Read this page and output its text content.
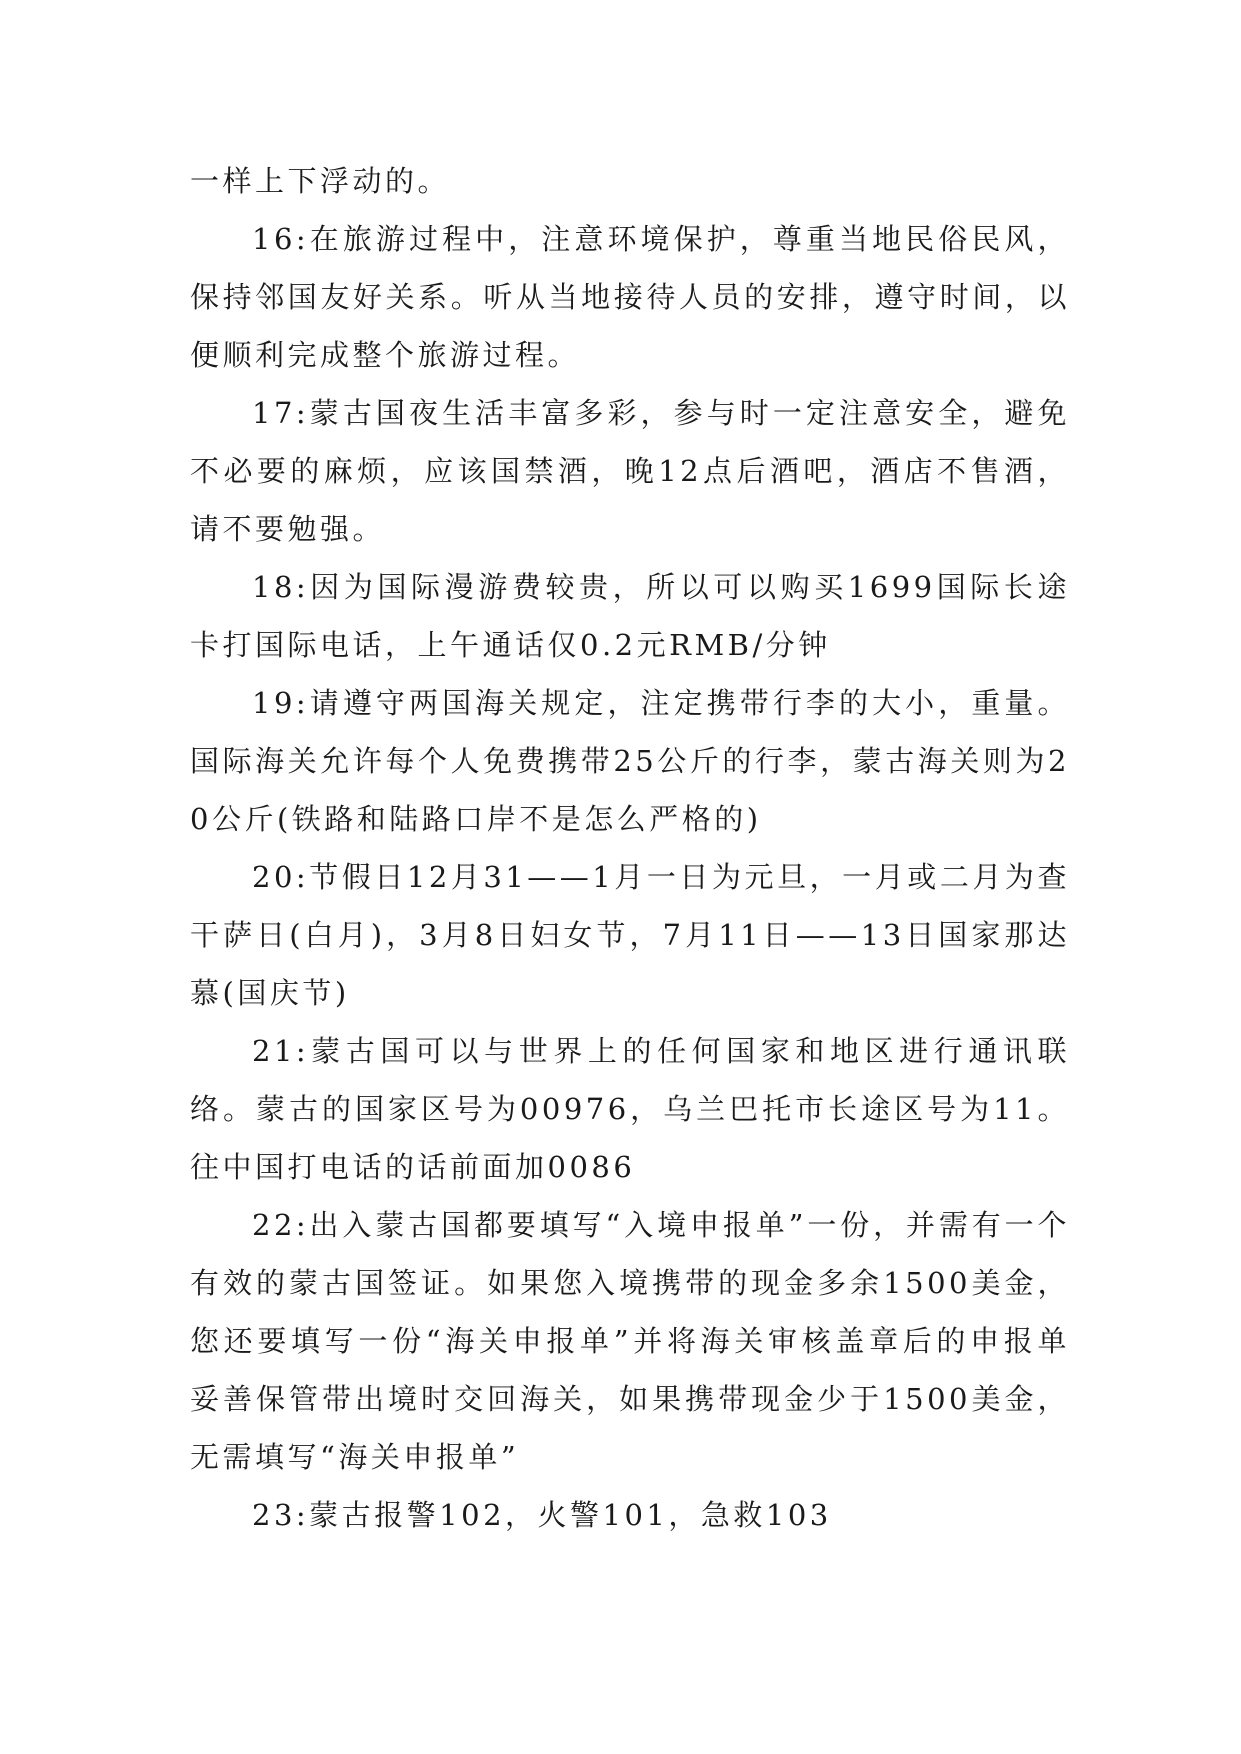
一样上下浮动的。

16:在旅游过程中，注意环境保护，尊重当地民俗民风，保持邻国友好关系。听从当地接待人员的安排，遵守时间，以便顺利完成整个旅游过程。

17:蒙古国夜生活丰富多彩，参与时一定注意安全，避免不必要的麻烦，应该国禁酒，晚12点后酒吧，酒店不售酒，请不要勉强。

18:因为国际漫游费较贵，所以可以购买1699国际长途卡打国际电话，上午通话仅0.2元RMB/分钟

19:请遵守两国海关规定，注定携带行李的大小，重量。国际海关允许每个人免费携带25公斤的行李，蒙古海关则为20公斤(铁路和陆路口岸不是怎么严格的)

20:节假日12月31——1月一日为元旦，一月或二月为查干萨日(白月)，3月8日妇女节，7月11日——13日国家那达慕(国庆节)

21:蒙古国可以与世界上的任何国家和地区进行通讯联络。蒙古的国家区号为00976，乌兰巴托市长途区号为11。往中国打电话的话前面加0086

22:出入蒙古国都要填写“入境申报单”一份，并需有一个有效的蒙古国签证。如果您入境携带的现金多余1500美金，您还要填写一份“海关申报单”并将海关审核盖章后的申报单妥善保管带出境时交回海关，如果携带现金少于1500美金，无需填写“海关申报单”

23:蒙古报警102，火警101，急救103
